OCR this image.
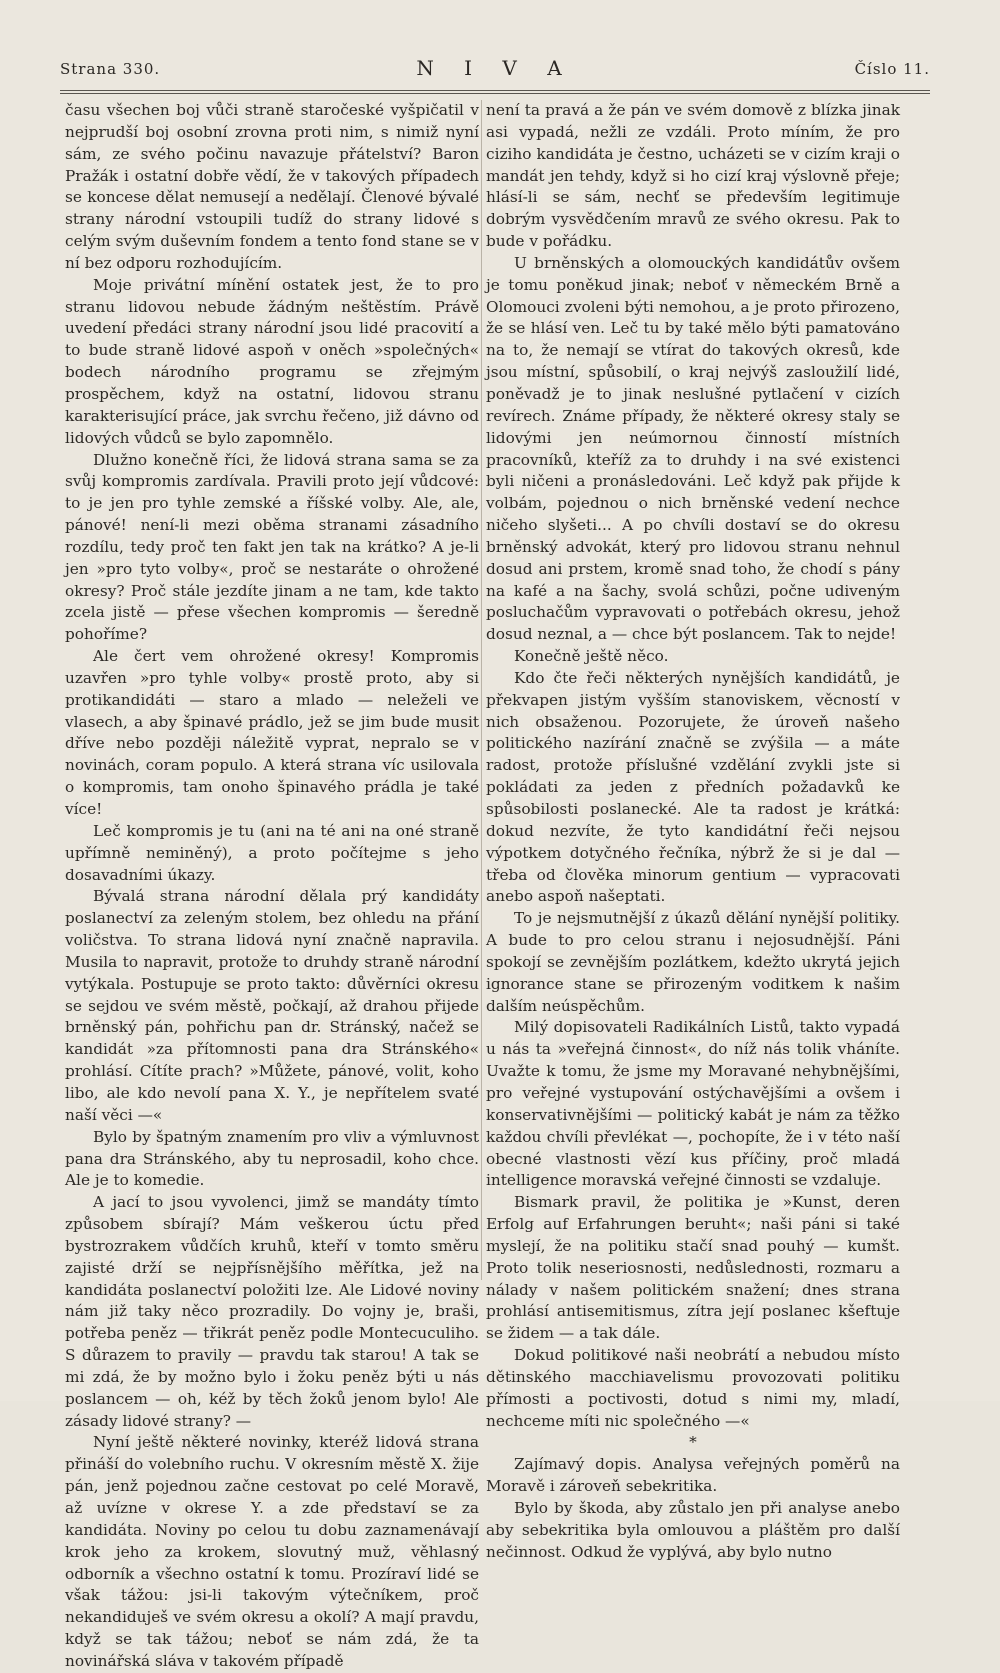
Strana 330.	N I V A	Číslo 11.

času všechen boj vůči straně staročeské vyšpičatil v nejprudší boj osobní zrovna proti nim, s nimiž nyní sám, ze svého počinu navazuje přátelství? Baron Pražák i ostatní dobře vědí, že v takových případech se koncese dělat nemusejí a nedělají. Členové bývalé strany národní vstoupili tudíž do strany lidové s celým svým duševním fondem a tento fond stane se v ní bez odporu rozhodujícím.

Moje privátní mínění ostatek jest, že to pro stranu lidovou nebude žádným neštěstím. Právě uvedení předáci strany národní jsou lidé pracovití a to bude straně lidové aspoň v oněch »společných« bodech národního programu se zřejmým prospěchem, když na ostatní, lidovou stranu karakterisující práce, jak svrchu řečeno, již dávno od lidových vůdců se bylo zapomnělo.

Dlužno konečně říci, že lidová strana sama se za svůj kompromis zardívala. Pravili proto její vůdcové: to je jen pro tyhle zemské a říšské volby. Ale, ale, pánové! není-li mezi oběma stranami zásadního rozdílu, tedy proč ten fakt jen tak na krátko? A je-li jen »pro tyto volby«, proč se nestaráte o ohrožené okresy? Proč stále jezdíte jinam a ne tam, kde takto zcela jistě — přese všechen kompromis — šeredně pohoříme?

Ale čert vem ohrožené okresy! Kompromis uzavřen »pro tyhle volby« prostě proto, aby si protikandidáti — staro a mlado — neleželi ve vlasech, a aby špinavé prádlo, jež se jim bude musit dříve nebo později náležitě vyprat, nepralo se v novinách, coram populo. A která strana víc usilovala o kompromis, tam onoho špinavého prádla je také více!

Leč kompromis je tu (ani na té ani na oné straně upřímně neminěný), a proto počítejme s jeho dosavadními úkazy.

Bývalá strana národní dělala prý kandidáty poslanectví za zeleným stolem, bez ohledu na přání voličstva. To strana lidová nyní značně napravila. Musila to napravit, protože to druhdy straně národní vytýkala. Postupuje se proto takto: důvěrníci okresu se sejdou ve svém městě, počkají, až drahou přijede brněnský pán, pohřichu pan dr. Stránský, načež se kandidát »za přítomnosti pana dra Stránského« prohlásí. Cítíte prach? »Můžete, pánové, volit, koho libo, ale kdo nevolí pana X. Y., je nepřítelem svaté naší věci —«

Bylo by špatným znamením pro vliv a výmluvnost pana dra Stránského, aby tu neprosadil, koho chce. Ale je to komedie.

A jací to jsou vyvolenci, jimž se mandáty tímto způsobem sbírají? Mám veškerou úctu před bystrozrakem vůdčích kruhů, kteří v tomto směru zajisté drží se nejpřísnějšího měřítka, jež na kandidáta poslanectví položiti lze. Ale Lidové noviny nám již taky něco prozradily. Do vojny je, braši, potřeba peněz — třikrát peněz podle Montecuculiho. S důrazem to pravily — pravdu tak starou! A tak se mi zdá, že by možno bylo i žoku peněz býti u nás poslancem — oh, kéž by těch žoků jenom bylo! Ale zásady lidové strany? —

Nyní ještě některé novinky, kteréž lidová strana přináší do volebního ruchu. V okresním městě X. žije pán, jenž pojednou začne cestovat po celé Moravě, až uvízne v okrese Y. a zde představí se za kandidáta. Noviny po celou tu dobu zaznamenávají krok jeho za krokem, slovutný muž, věhlasný odborník a všechno ostatní k tomu. Prozíraví lidé se však tážou: jsi-li takovým výtečníkem, proč nekandiduješ ve svém okresu a okolí? A mají pravdu, když se tak tážou; neboť se nám zdá, že ta novinářská sláva v takovém případě

není ta pravá a že pán ve svém domově z blízka jinak asi vypadá, nežli ze vzdáli. Proto míním, že pro ciziho kandidáta je čestno, ucházeti se v cizím kraji o mandát jen tehdy, když si ho cizí kraj výslovně přeje; hlásí-li se sám, nechť se především legitimuje dobrým vysvědčením mravů ze svého okresu. Pak to bude v pořádku.

U brněnských a olomouckých kandidátův ovšem je tomu poněkud jinak; neboť v německém Brně a Olomouci zvoleni býti nemohou, a je proto přirozeno, že se hlásí ven. Leč tu by také mělo býti pamatováno na to, že nemají se vtírat do takových okresů, kde jsou místní, spůsobilí, o kraj nejvýš zasloužilí lidé, poněvadž je to jinak neslušné pytlačení v cizích revírech. Známe případy, že některé okresy staly se lidovými jen neúmornou činností místních pracovníků, kteříž za to druhdy i na své existenci byli ničeni a pronásledováni. Leč když pak přijde k volbám, pojednou o nich brněnské vedení nechce ničeho slyšeti... A po chvíli dostaví se do okresu brněnský advokát, který pro lidovou stranu nehnul dosud ani prstem, kromě snad toho, že chodí s pány na kafé a na šachy, svolá schůzi, počne udiveným posluchačům vypravovati o potřebách okresu, jehož dosud neznal, a — chce být poslancem. Tak to nejde!

Konečně ještě něco.

Kdo čte řeči některých nynějších kandidátů, je překvapen jistým vyšším stanoviskem, věcností v nich obsaženou. Pozorujete, že úroveň našeho politického nazírání značně se zvýšila — a máte radost, protože příslušné vzdělání zvykli jste si pokládati za jeden z předních požadavků ke spůsobilosti poslanecké. Ale ta radost je krátká: dokud nezvíte, že tyto kandidátní řeči nejsou výpotkem dotyčného řečníka, nýbrž že si je dal — třeba od člověka minorum gentium — vypracovati anebo aspoň našeptati.

To je nejsmutnější z úkazů dělání nynější politiky. A bude to pro celou stranu i nejosudnější. Páni spokojí se zevnějším pozlátkem, kdežto ukrytá jejich ignorance stane se přirozeným voditkem k našim dalším neúspěchům.

Milý dopisovateli Radikálních Listů, takto vypadá u nás ta »veřejná činnost«, do níž nás tolik vháníte. Uvažte k tomu, že jsme my Moravané nehybnějšími, pro veřejné vystupování ostýchavějšími a ovšem i konservativnějšími — politický kabát je nám za těžko každou chvíli převlékat —, pochopíte, že i v této naší obecné vlastnosti vězí kus příčiny, proč mladá intelligence moravská veřejné činnosti se vzdaluje.

Bismark pravil, že politika je »Kunst, deren Erfolg auf Erfahrungen beruht«; naši páni si také myslejí, že na politiku stačí snad pouhý — kumšt. Proto tolik neseriosnosti, nedůslednosti, rozmaru a nálady v našem politickém snažení; dnes strana prohlásí antisemitismus, zítra její poslanec kšeftuje se židem — a tak dále.

Dokud politikové naši neobrátí a nebudou místo dětinského macchiavelismu provozovati politiku přímosti a poctivosti, dotud s nimi my, mladí, nechceme míti nic společného —«

*

Zajímavý dopis. Analysa veřejných poměrů na Moravě i zároveň sebekritika.

Bylo by škoda, aby zůstalo jen při analyse anebo aby sebekritika byla omlouvou a pláštěm pro další nečinnost. Odkud že vyplývá, aby bylo nutno
